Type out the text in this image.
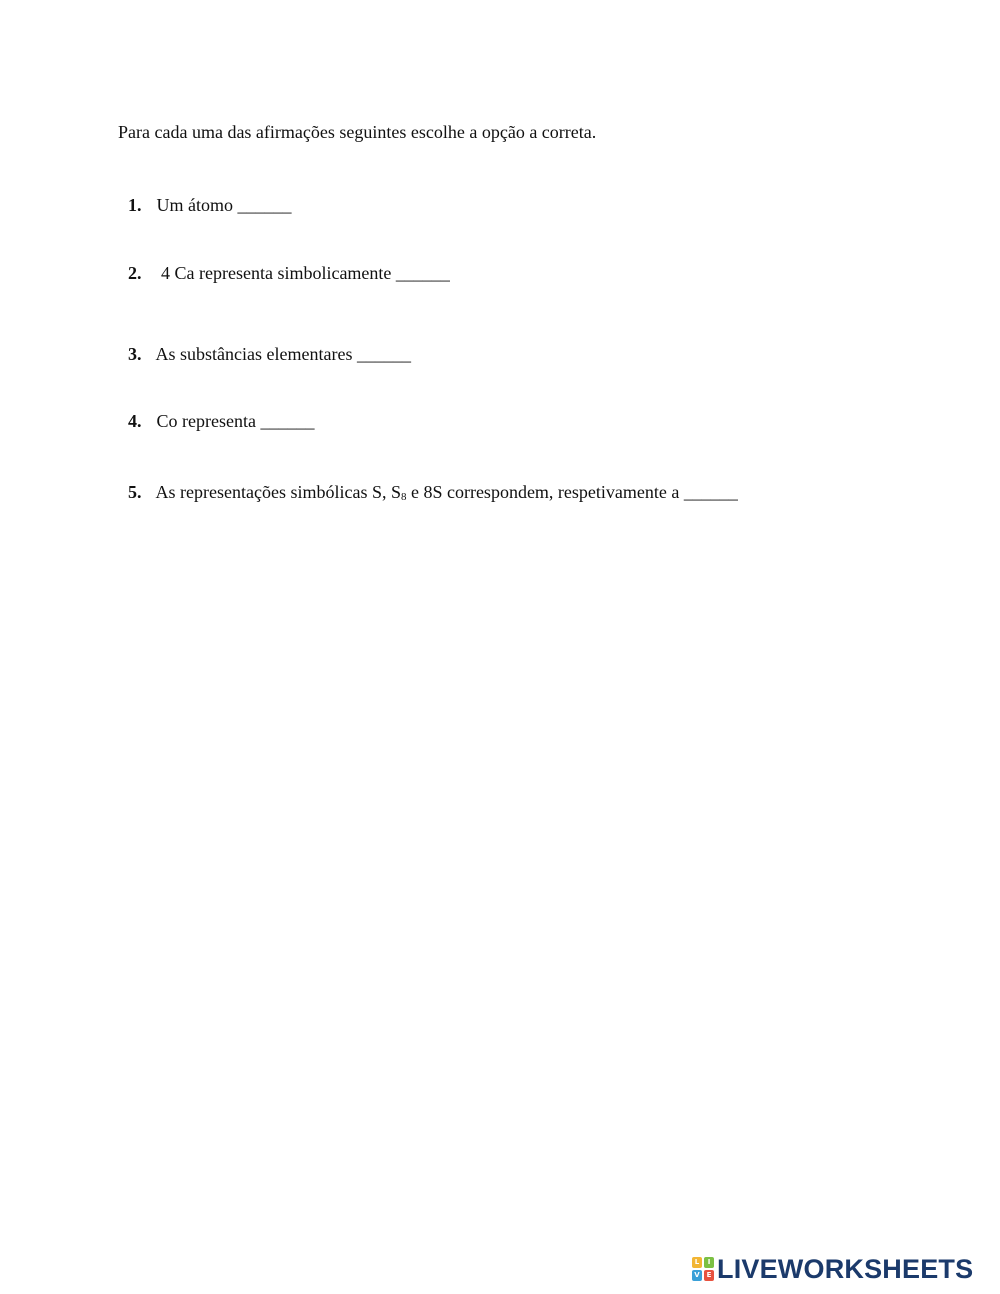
Para cada uma das afirmações seguintes escolhe a opção a correta.
1 . Um átomo ______
2 .  4 Ca representa simbolicamente ______
3 . As substâncias elementares ______
4 . Co representa ______
5 . As representações simbólicas S, $S_8$ e 8S correspondem, respetivamente a ______
L	I
V E LIVEWORKSHEETS
